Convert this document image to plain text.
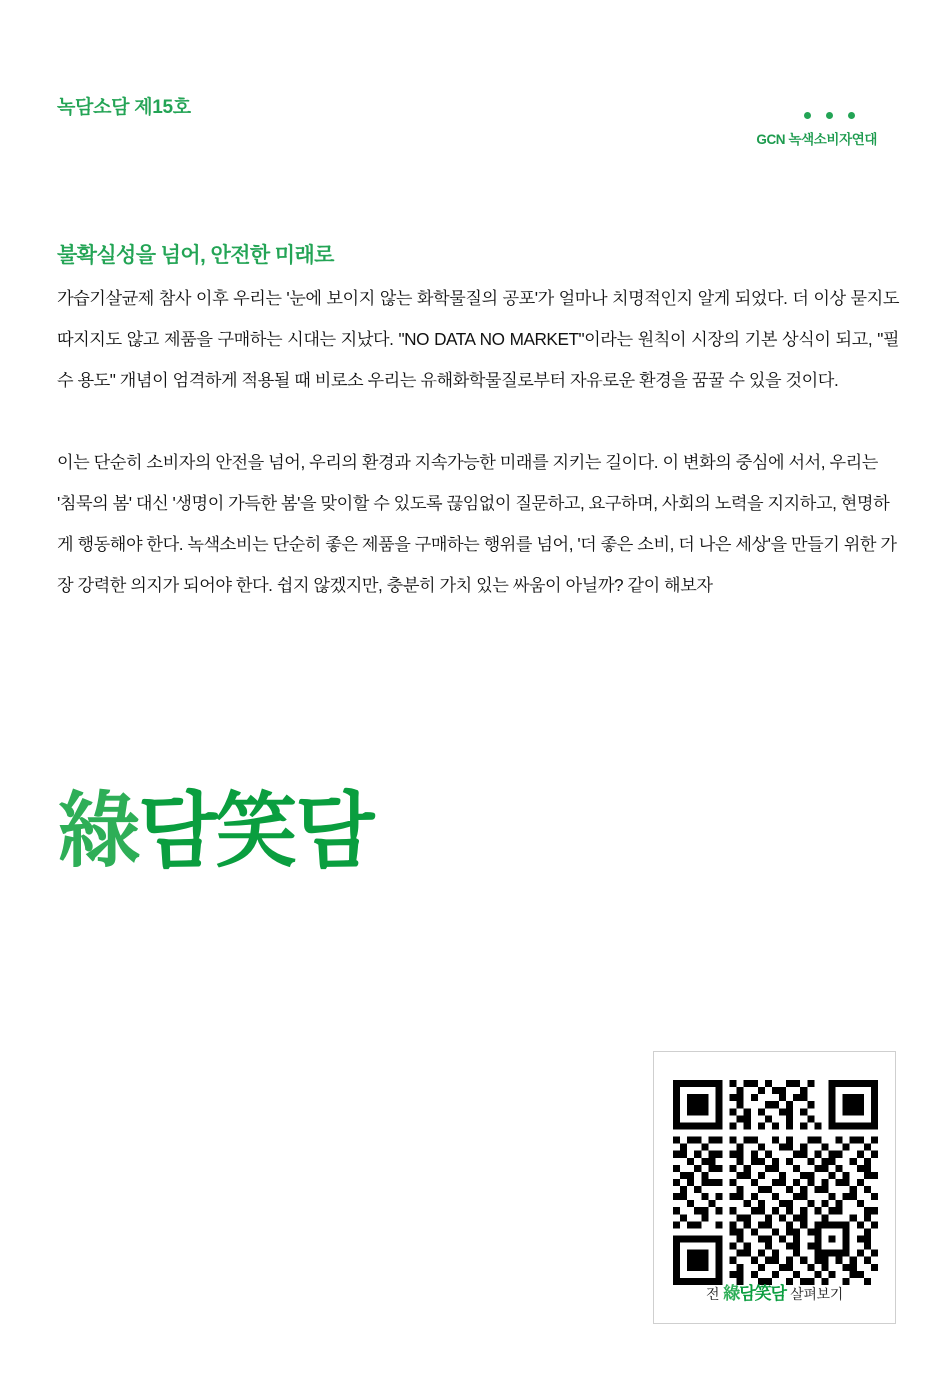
녹담소담 제15호
GCN 녹색소비자연대
불확실성을 넘어, 안전한 미래로

가습기살균제 참사 이후 우리는 '눈에 보이지 않는 화학물질의 공포'가 얼마나 치명적인지 알게 되었다. 더 이상 묻지도 따지지도 않고 제품을 구매하는 시대는 지났다. "NO DATA NO MARKET"이라는 원칙이 시장의 기본 상식이 되고, "필수 용도" 개념이 엄격하게 적용될 때 비로소 우리는 유해화학물질로부터 자유로운 환경을 꿈꿀 수 있을 것이다.

이는 단순히 소비자의 안전을 넘어, 우리의 환경과 지속가능한 미래를 지키는 길이다. 이 변화의 중심에 서서, 우리는 '침묵의 봄' 대신 '생명이 가득한 봄'을 맞이할 수 있도록 끊임없이 질문하고, 요구하며, 사회의 노력을 지지하고, 현명하게 행동해야 한다. 녹색소비는 단순히 좋은 제품을 구매하는 행위를 넘어, '더 좋은 소비, 더 나은 세상'을 만들기 위한 가장 강력한 의지가 되어야 한다. 쉽지 않겠지만, 충분히 가치 있는 싸움이 아닐까? 같이 해보자

綠 담笑담
전 綠담笑담 살펴보기
